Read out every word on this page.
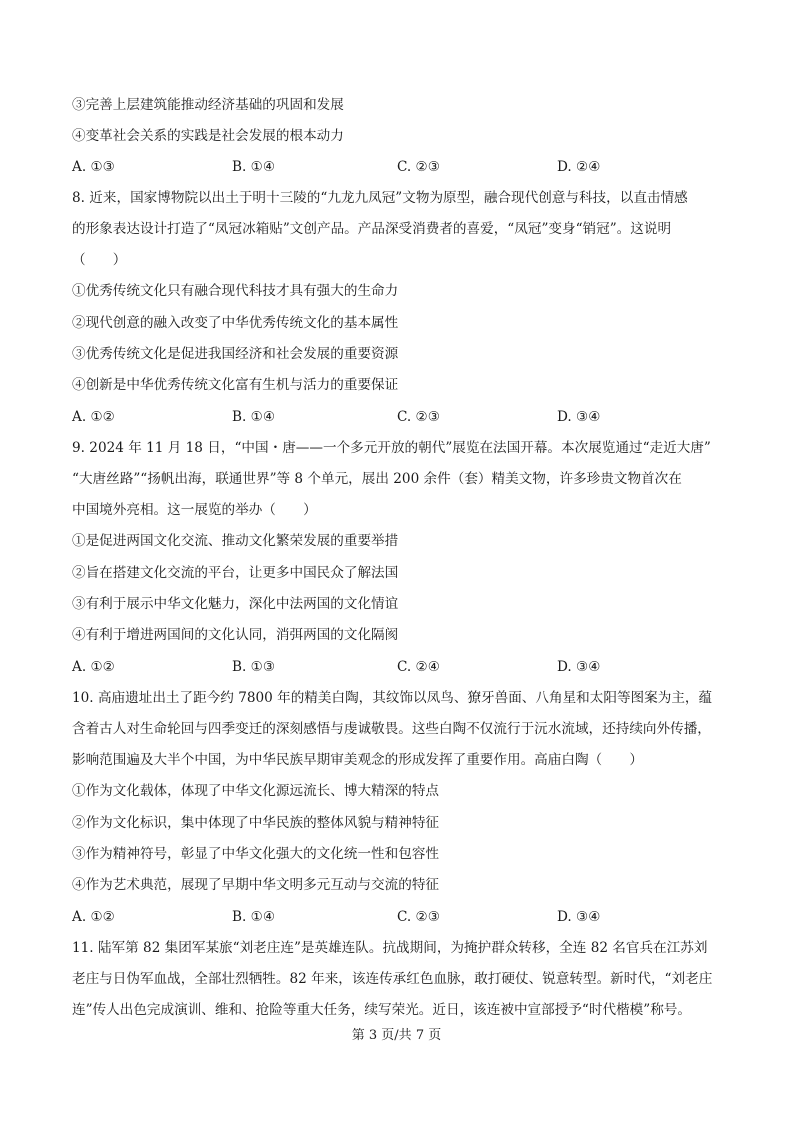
③完善上层建筑能推动经济基础的巩固和发展
④变革社会关系的实践是社会发展的根本动力
A. ①③	B. ①④	C. ②③	D. ②④
8. 近来，国家博物院以出土于明十三陵的“九龙九凤冠”文物为原型，融合现代创意与科技，以直击情感
的形象表达设计打造了“凤冠冰箱贴”文创产品。产品深受消费者的喜爱，“凤冠”变身“销冠”。这说明
（　　）
①优秀传统文化只有融合现代科技才具有强大的生命力
②现代创意的融入改变了中华优秀传统文化的基本属性
③优秀传统文化是促进我国经济和社会发展的重要资源
④创新是中华优秀传统文化富有生机与活力的重要保证
A. ①②	B. ①④	C. ②③	D. ③④
9. 2024 年 11 月 18 日，“中国・唐——一个多元开放的朝代”展览在法国开幕。本次展览通过“走近大唐”
“大唐丝路”“扬帆出海，联通世界”等 8 个单元，展出 200 余件（套）精美文物，许多珍贵文物首次在
中国境外亮相。这一展览的举办（　　）
①是促进两国文化交流、推动文化繁荣发展的重要举措
②旨在搭建文化交流的平台，让更多中国民众了解法国
③有利于展示中华文化魅力，深化中法两国的文化情谊
④有利于增进两国间的文化认同，消弭两国的文化隔阂
A. ①②	B. ①③	C. ②④	D. ③④
10. 高庙遗址出土了距今约 7800 年的精美白陶，其纹饰以凤鸟、獠牙兽面、八角星和太阳等图案为主，蕴
含着古人对生命轮回与四季变迁的深刻感悟与虔诚敬畏。这些白陶不仅流行于沅水流域，还持续向外传播，
影响范围遍及大半个中国，为中华民族早期审美观念的形成发挥了重要作用。高庙白陶（　　）
①作为文化载体，体现了中华文化源远流长、博大精深的特点
②作为文化标识，集中体现了中华民族的整体风貌与精神特征
③作为精神符号，彰显了中华文化强大的文化统一性和包容性
④作为艺术典范，展现了早期中华文明多元互动与交流的特征
A. ①②	B. ①④	C. ②③	D. ③④
11. 陆军第 82 集团军某旅“刘老庄连”是英雄连队。抗战期间，为掩护群众转移，全连 82 名官兵在江苏刘
老庄与日伪军血战，全部壮烈牺牲。82 年来，该连传承红色血脉，敢打硬仗、锐意转型。新时代，“刘老庄
连”传人出色完成演训、维和、抢险等重大任务，续写荣光。近日，该连被中宣部授予“时代楷模”称号。
第 3 页/共 7 页
